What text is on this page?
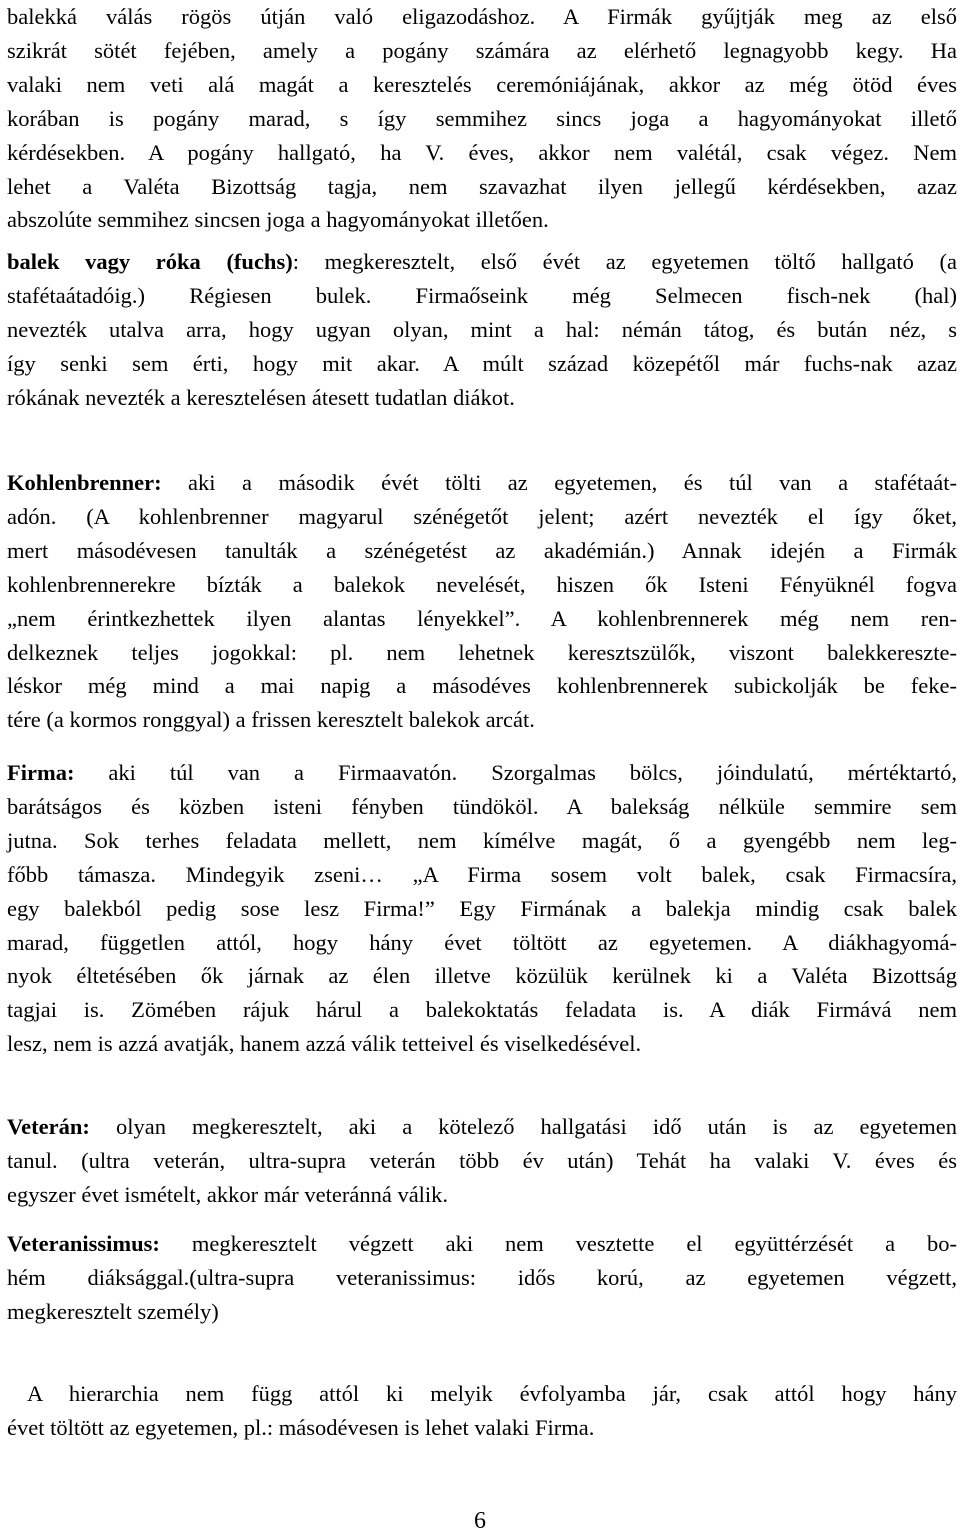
balekká válás rögös útján való eligazodáshoz. A Firmák gyűjtják meg az első
szikrát sötét fejében, amely a pogány számára az elérhető legnagyobb kegy. Ha
valaki nem veti alá magát a keresztelés ceremóniájának, akkor az még ötöd éves
korában is pogány marad, s így semmihez sincs joga a hagyományokat illető
kérdésekben. A pogány hallgató, ha V. éves, akkor nem valétál, csak végez. Nem
lehet a Valéta Bizottság tagja, nem szavazhat ilyen jellegű kérdésekben, azaz
abszolúte semmihez sincsen joga a hagyományokat illetően.
balek vagy róka (fuchs): megkeresztelt, első évét az egyetemen töltő hallgató (a
stafétaátadóig.) Régiesen bulek. Firmaőseink még Selmecen fisch-nek (hal)
nevezték utalva arra, hogy ugyan olyan, mint a hal: némán tátog, és bután néz, s
így senki sem érti, hogy mit akar. A múlt század közepétől már fuchs-nak azaz
rókának nevezték a keresztelésen átesett tudatlan diákot.
Kohlenbrenner: aki a második évét tölti az egyetemen, és túl van a stafétaát-
adón. (A kohlenbrenner magyarul szénégetőt jelent; azért nevezték el így őket,
mert másodévesen tanulták a szénégetést az akadémián.) Annak idején a Firmák
kohlenbrennerekre bízták a balekok nevelését, hiszen ők Isteni Fényüknél fogva
„nem érintkezhettek ilyen alantas lényekkel”. A kohlenbrennerek még nem ren-
delkeznek teljes jogokkal: pl. nem lehetnek keresztszülők, viszont balekkereszte-
léskor még mind a mai napig a másodéves kohlenbrennerek subickolják be feke-
tére (a kormos ronggyal) a frissen keresztelt balekok arcát.
Firma: aki túl van a Firmaavatón. Szorgalmas bölcs, jóindulatú, mértéktartó,
barátságos és közben isteni fényben tündököl. A balekság nélküle semmire sem
jutna. Sok terhes feladata mellett, nem kímélve magát, ő a gyengébb nem leg-
főbb támasza. Mindegyik zseni… „A Firma sosem volt balek, csak Firmacsíra,
egy balekból pedig sose lesz Firma!” Egy Firmának a balekja mindig csak balek
marad, független attól, hogy hány évet töltött az egyetemen. A diákhagyomá-
nyok éltetésében ők járnak az élen illetve közülük kerülnek ki a Valéta Bizottság
tagjai is. Zömében rájuk hárul a balekoktatás feladata is. A diák Firmává nem
lesz, nem is azzá avatják, hanem azzá válik tetteivel és viselkedésével.
Veterán: olyan megkeresztelt, aki a kötelező hallgatási idő után is az egyetemen
tanul. (ultra veterán, ultra-supra veterán több év után) Tehát ha valaki V. éves és
egyszer évet ismételt, akkor már veteránná válik.
Veteranissimus: megkeresztelt végzett aki nem vesztette el együttérzését a bo-
hém diáksággal.(ultra-supra veteranissimus: idős korú, az egyetemen végzett,
megkeresztelt személy)
A hierarchia nem függ attól ki melyik évfolyamba jár, csak attól hogy hány
évet töltött az egyetemen, pl.: másodévesen is lehet valaki Firma.
6
